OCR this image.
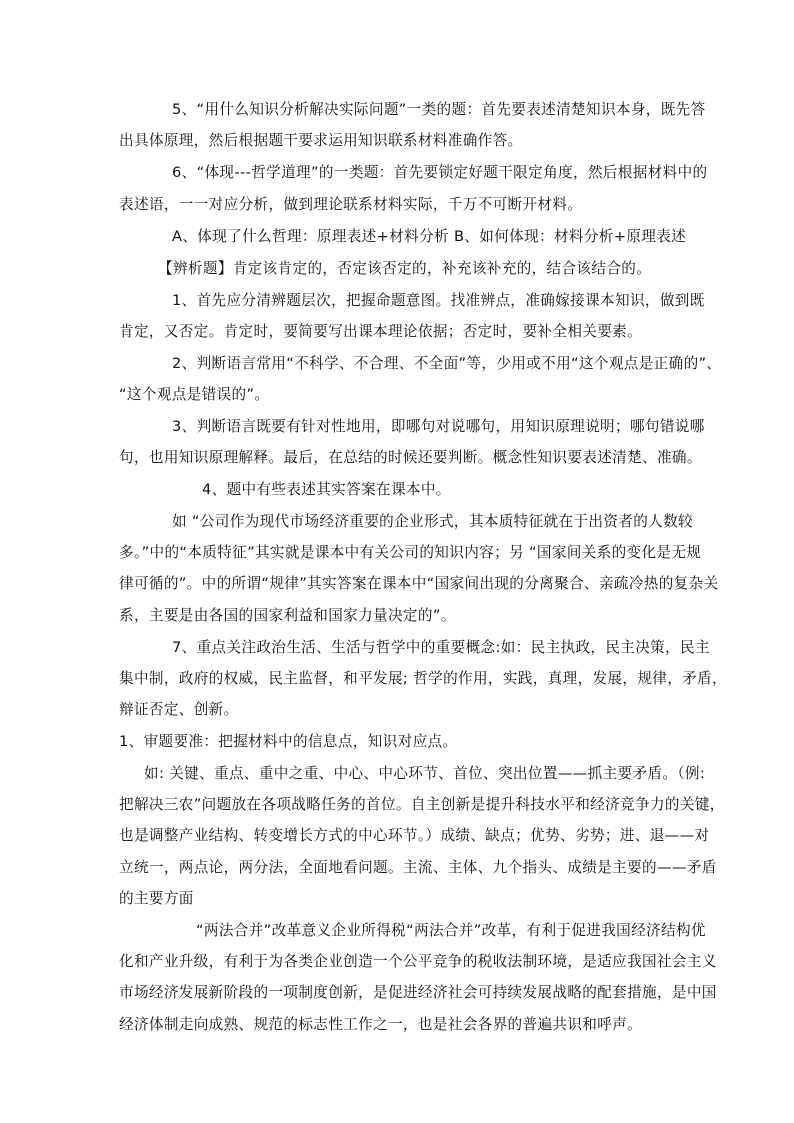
5、“用什么知识分析解决实际问题”一类的题：首先要表述清楚知识本身，既先答

出具体原理，然后根据题干要求运用知识联系材料准确作答。

6、“体现---哲学道理”的一类题：首先要锁定好题干限定角度，然后根据材料中的

表述语，一一对应分析，做到理论联系材料实际，千万不可断开材料。

A、体现了什么哲理：原理表述+材料分析 B、如何体现：材料分析+原理表述

【辨析题】肯定该肯定的，否定该否定的，补充该补充的，结合该结合的。

1、首先应分清辨题层次，把握命题意图。找准辨点，准确嫁接课本知识，做到既

肯定，又否定。肯定时，要简要写出课本理论依据；否定时，要补全相关要素。

2、判断语言常用“不科学、不合理、不全面”等，少用或不用“这个观点是正确的”、

“这个观点是错误的”。

3、判断语言既要有针对性地用，即哪句对说哪句，用知识原理说明；哪句错说哪

句，也用知识原理解释。最后，在总结的时候还要判断。概念性知识要表述清楚、准确。

4、题中有些表述其实答案在课本中。

如 “公司作为现代市场经济重要的企业形式，其本质特征就在于出资者的人数较

多。”中的“本质特征”其实就是课本中有关公司的知识内容；另 “国家间关系的变化是无规

律可循的”。中的所谓“规律”其实答案在课本中“国家间出现的分离聚合、亲疏冷热的复杂关

系，主要是由各国的国家利益和国家力量决定的”。

7、重点关注政治生活、生活与哲学中的重要概念:如：民主执政，民主决策，民主

集中制，政府的权威，民主监督，和平发展; 哲学的作用，实践，真理，发展，规律，矛盾，

辩证否定、创新。

1、审题要准：把握材料中的信息点，知识对应点。

如: 关键、重点、重中之重、中心、中心环节、首位、突出位置——抓主要矛盾。（例:

把解决三农”问题放在各项战略任务的首位。自主创新是提升科技水平和经济竞争力的关键，

也是调整产业结构、转变增长方式的中心环节。）成绩、缺点；优势、劣势；进、退——对

立统一，两点论，两分法，全面地看问题。主流、主体、九个指头、成绩是主要的——矛盾

的主要方面

“两法合并”改革意义企业所得税“两法合并”改革，有利于促进我国经济结构优

化和产业升级，有利于为各类企业创造一个公平竞争的税收法制环境，是适应我国社会主义

市场经济发展新阶段的一项制度创新，是促进经济社会可持续发展战略的配套措施，是中国

经济体制走向成熟、规范的标志性工作之一，也是社会各界的普遍共识和呼声。
